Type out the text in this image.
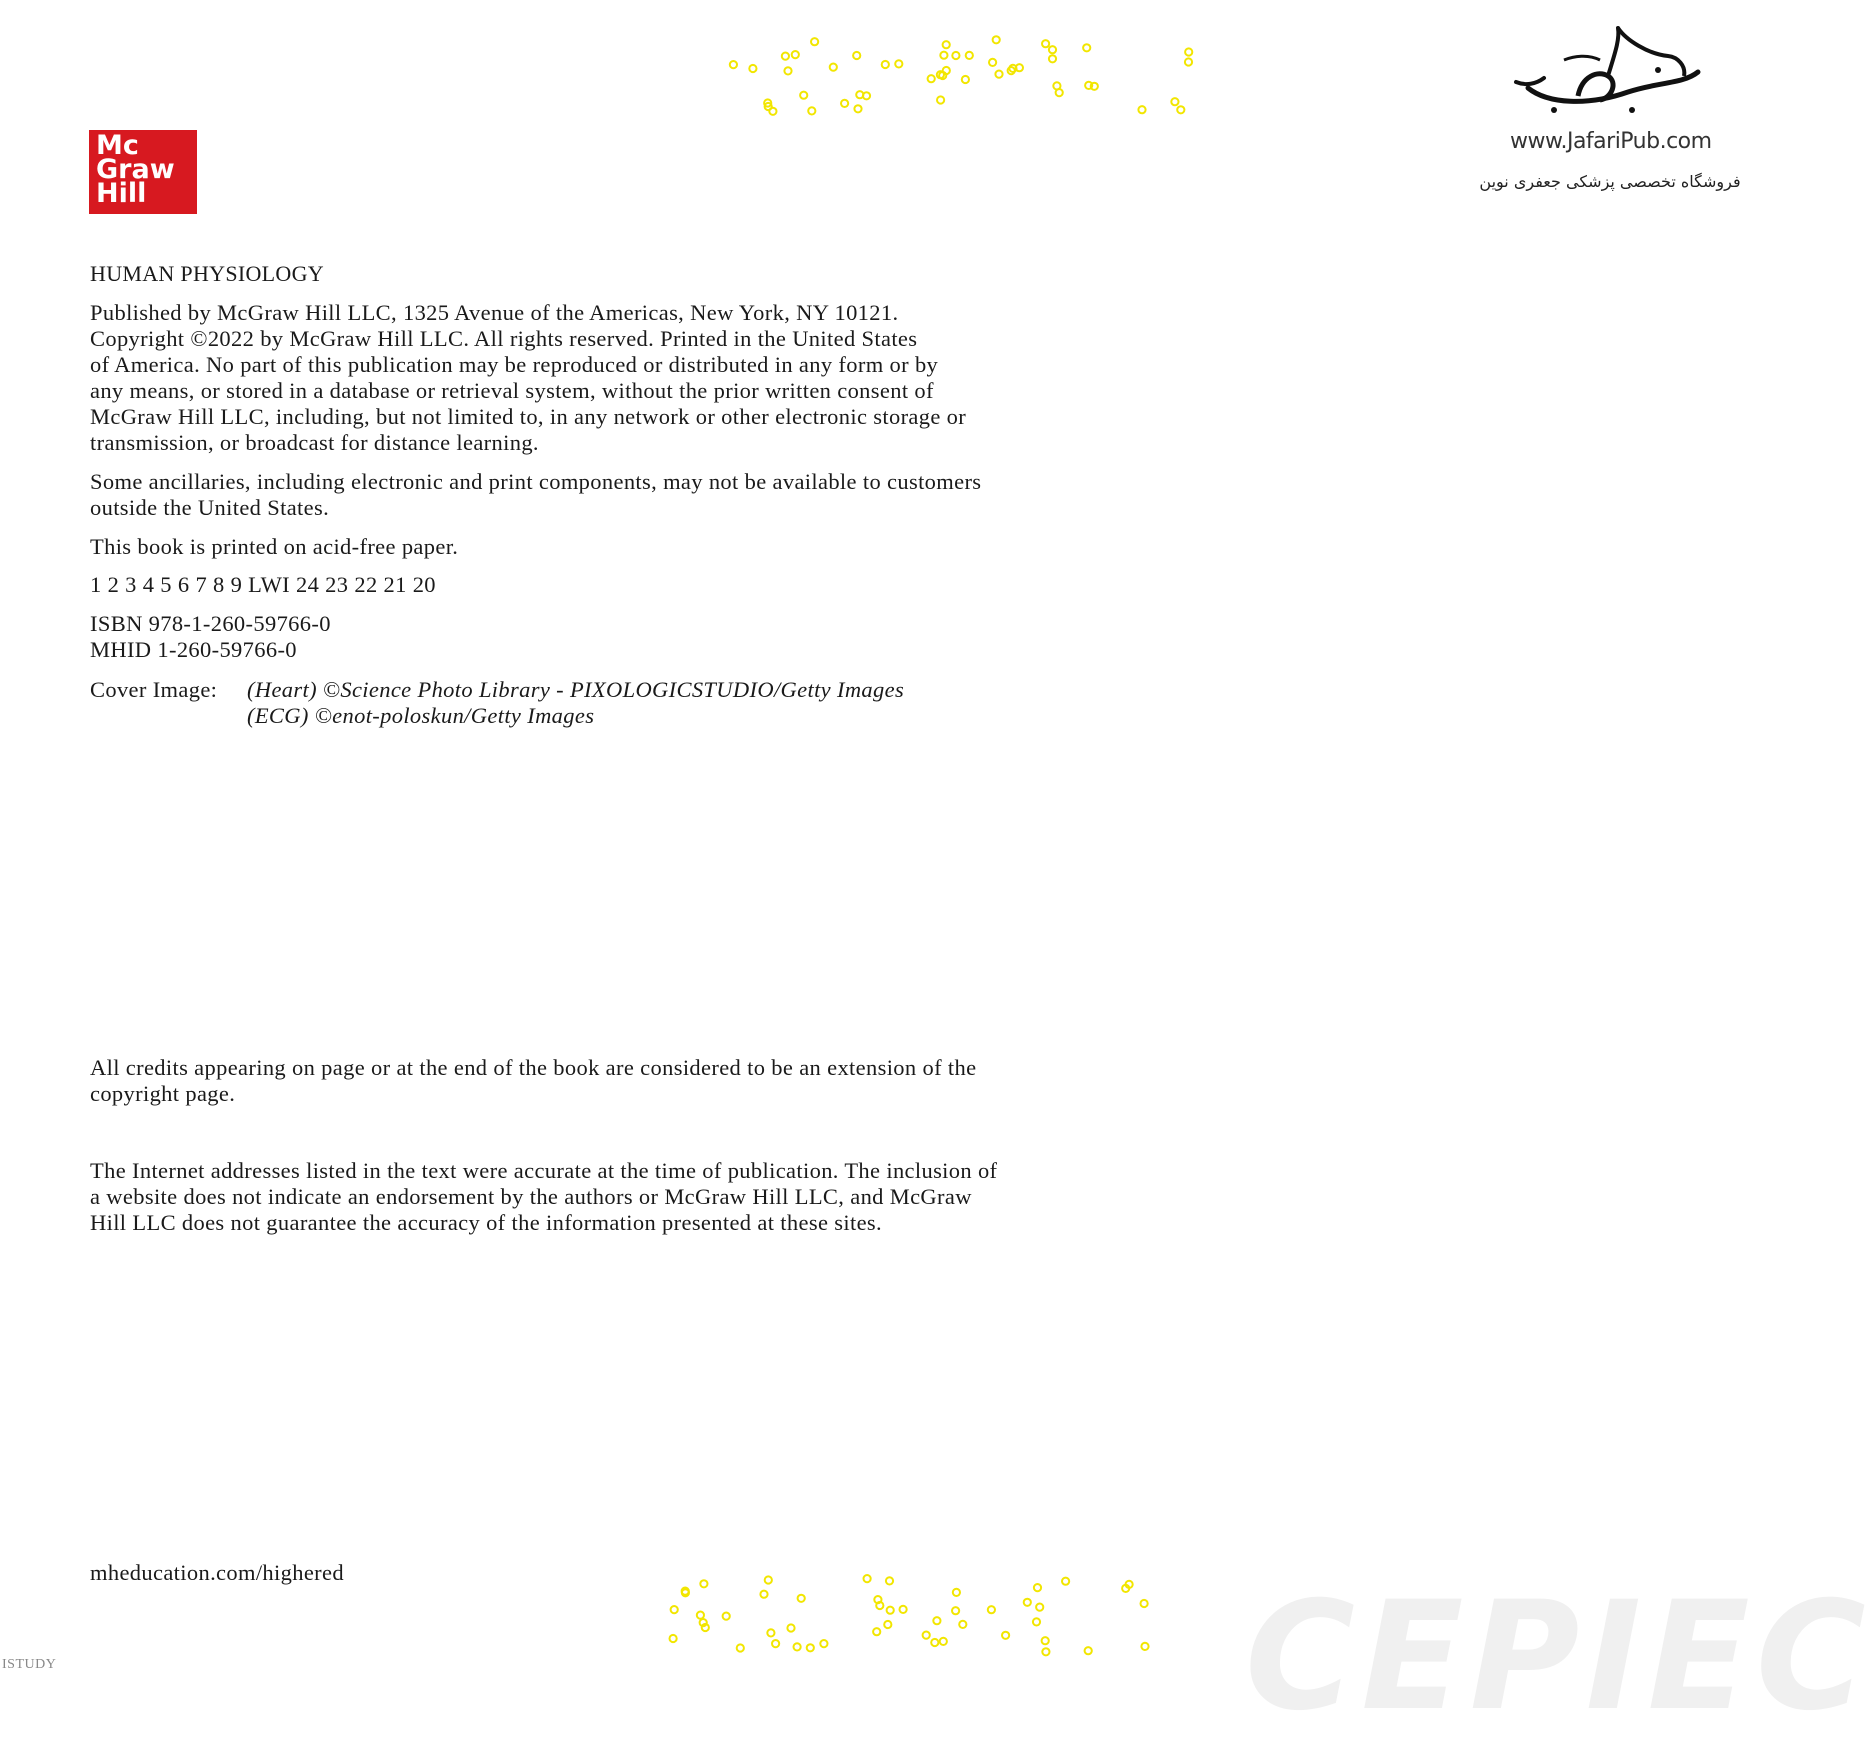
Mc
Graw
Hill
www.JafariPub.com
فروشگاه تخصصی پزشکی جعفری نوین
CEPIEC
HUMAN PHYSIOLOGY

Published by McGraw Hill LLC, 1325 Avenue of the Americas, New York, NY 10121.

Copyright ©2022 by McGraw Hill LLC. All rights reserved. Printed in the United States

of America. No part of this publication may be reproduced or distributed in any form or by

any means, or stored in a database or retrieval system, without the prior written consent of

McGraw Hill LLC, including, but not limited to, in any network or other electronic storage or

transmission, or broadcast for distance learning.

Some ancillaries, including electronic and print components, may not be available to customers

outside the United States.

This book is printed on acid-free paper.
1 2 3 4 5 6 7 8 9 LWI 24 23 22 21 20

ISBN 978-1-260-59766-0

MHID 1-260-59766-0

Cover Image: (Heart) ©Science Photo Library - PIXOLOGICSTUDIO/Getty Images

(ECG) ©enot-poloskun/Getty Images

All credits appearing on page or at the end of the book are considered to be an extension of the

copyright page.

The Internet addresses listed in the text were accurate at the time of publication. The inclusion of

a website does not indicate an endorsement by the authors or McGraw Hill LLC, and McGraw

Hill LLC does not guarantee the accuracy of the information presented at these sites.

mheducation.com/highered
ISTUDY
